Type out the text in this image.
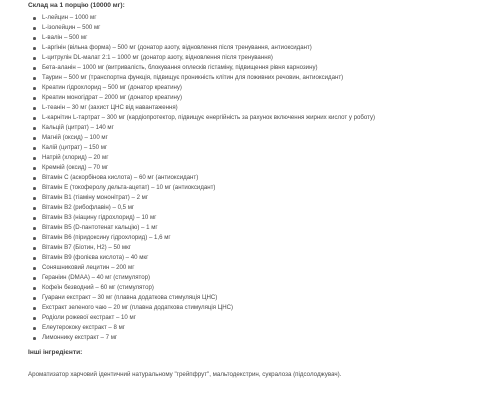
Склад на 1 порцію (10000 мг):
L-лейцин – 1000 мг
L-ізолейцин – 500 мг
L-валін – 500 мг
L-аргінін (вільна форма) – 500 мг (донатор азоту, відновлення після тренування, антиоксидант)
L-цитрулін DL-малат 2:1 – 1000 мг (донатор азоту, відновлення після тренування)
Бета-аланін – 1000 мг (витривалість, блокування оплесків гістаміну, підвищення рівня карнозину)
Таурин – 500 мг (транспортна функція, підвищує проникність клітин для поживних речовин, антиоксидант)
Креатин гідрохлорид – 500 мг (донатор креатину)
Креатин моногідрат – 2000 мг (донатор креатину)
L-теанін – 30 мг (захист ЦНС від навантаження)
L-карнітин L-тартрат – 300 мг (кардіопротектор, підвищує енергійність за рахунок включення жирних кислот у роботу)
Кальцій (цитрат) – 140 мг
Магній (оксид) – 100 мг
Калій (цитрат) – 150 мг
Натрій (хлорид) – 20 мг
Кремній (оксид) – 70 мг
Вітамін С (аскорбінова кислота) – 60 мг (антиоксидант)
Вітамін Е (токоферолу дельта-ацетат) – 10 мг (антиоксидант)
Вітамін B1 (тіаміну мононітрат) – 2 мг
Вітамін B2 (рибофлавін) – 0,5 мг
Вітамін B3 (ніацину гідрохлорид) – 10 мг
Вітамін B5 (D-пантотенат кальцію) – 1 мг
Вітамін B6 (піридоксину гідрохлорид) – 1,6 мг
Вітамін B7 (Біотин, H2) – 50 мкг
Вітамін B9 (фолієва кислота) – 40 мкг
Соняшниковий лецитин – 200 мг
Гераніин (DMAA) – 40 мг (стимулятор)
Кофеїн безводний – 60 мг (стимулятор)
Гуарани екстракт – 30 мг (плавна додаткова стимуляція ЦНС)
Екстракт зеленого чаю – 20 мг (плавна додаткова стимуляція ЦНС)
Родіоли рожевої екстракт – 10 мг
Елеутерококу екстракт – 8 мг
Лимоннику екстракт – 7 мг
Інші інгредієнти:
Ароматизатор харчовий ідентичний натуральному "грейпфрут", мальтодекстрин, сукралоза (підсолоджувач).
